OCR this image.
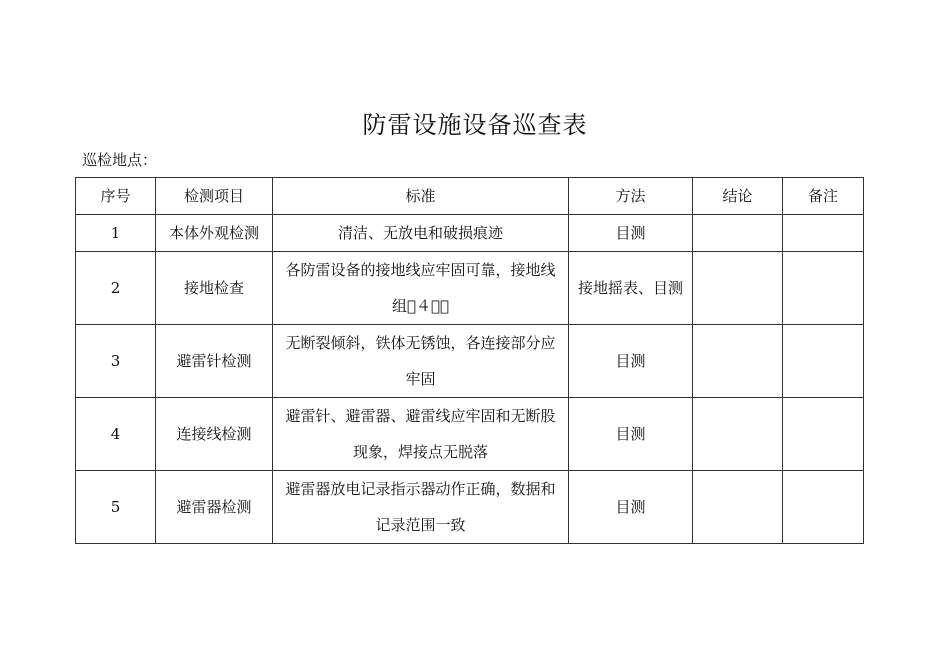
防雷设施设备巡查表
巡检地点：
序号	检测项目	标准	方法	结论	备注
1	本体外观检测	清洁、无放电和破损痕迹	目测		
2	接地检查	各防雷设备的接地线应牢固可靠，接地线组 ４  	接地摇表、目测		
3	避雷针检测	无断裂倾斜，铁体无锈蚀，各连接部分应牢固	目测		
4	连接线检测	避雷针、避雷器、避雷线应牢固和无断股现象，焊接点无脱落	目测		
5	避雷器检测	避雷器放电记录指示器动作正确，数据和记录范围一致	目测		
